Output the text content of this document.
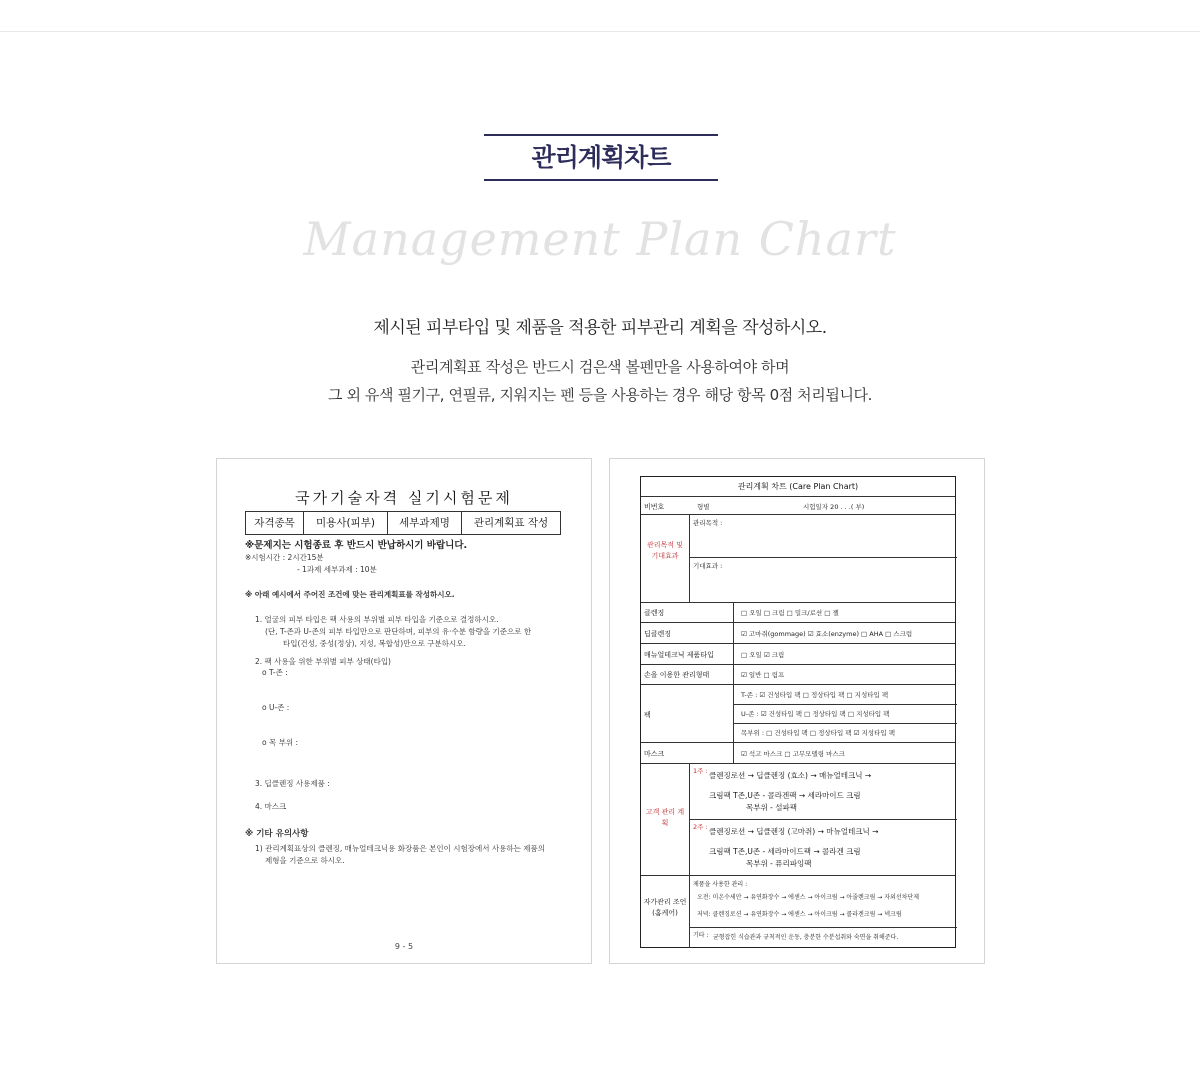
관리계획차트
Management Plan Chart
제시된 피부타입 및 제품을 적용한 피부관리 계획을 작성하시오.
관리계획표 작성은 반드시 검은색 볼펜만을 사용하여야 하며
그 외 유색 필기구, 연필류, 지워지는 펜 등을 사용하는 경우 해당 항목 0점 처리됩니다.
국가기술자격 실기시험문제
자격종목	미용사(피부)	세부과제명	관리계획표 작성
※문제지는 시험종료 후 반드시 반납하시기 바랍니다.
※시험시간 : 2시간15분
- 1과제 세부과제 : 10분
※ 아래 예시에서 주어진 조건에 맞는 관리계획표를 작성하시오.
1. 얼굴의 피부 타입은 팩 사용의 부위별 피부 타입을 기준으로 결정하시오.
(단, T-존과 U-존의 피부 타입만으로 판단하며, 피부의 유·수분 함량을 기준으로 한
타입(건성, 중성(정상), 지성, 복합성)만으로 구분하시오.
2. 팩 사용을 위한 부위별 피부 상태(타입)
o T-존 :
o U-존 :
o 목 부위 :
3. 딥클렌징 사용제품 :
4. 마스크
※ 기타 유의사항
1) 관리계획표상의 클렌징, 매뉴얼테크닉용 화장품은 본인이 시험장에서 사용하는 제품의
제형을 기준으로 하시오.
9 - 5
관리계획 차트 (Care Plan Chart)
비번호	형별	시험일자 20 . . .( 부)
관리목적 및 기대효과
관리목적 :
기대효과 :
클렌징	□ 오일 □ 크림 □ 밀크/로션 □ 젤
딥클렌징	☑ 고마쥐(gommage) ☑ 효소(enzyme) □ AHA □ 스크럽
매뉴얼테크닉 제품타입	□ 오일 ☑ 크림
손을 이용한 관리형태	☑ 일반 □ 림프
팩
T-존 : ☑ 건성타입 팩 □ 정상타입 팩 □ 지성타입 팩
U-존 : ☑ 건성타입 팩 □ 정상타입 팩 □ 지성타입 팩
목부위 : □ 건성타입 팩 □ 정상타입 팩 ☑ 지성타입 팩
마스크	☑ 석고 마스크 □ 고무모델링 마스크
고객 관리 계획
1주 : 클렌징로션 → 딥클렌징 (효소) → 매뉴얼테크닉 →
크림팩 T존,U존 - 콜라겐팩 → 세라마이드 크림
목부위 - 설파팩
2주 : 클렌징로션 → 딥클렌징 (고마쥐) → 마뉴얼테크닉 →
크림팩 T존,U존 - 세라마이드팩 → 콜라겐 크림
목부위 - 퓨리파잉팩
자가관리 조언 (홈케어)
제품을 사용한 관리 :
오전: 미온수세안 → 유연화장수 → 에센스 → 아이크림 → 아줄렌크림 → 자외선차단제
저녁: 클렌징로션 → 유연화장수 → 에센스 → 아이크림 → 콜라겐크림 → 넥크림
기타 : 균형잡힌 식습관과 규칙적인 운동, 충분한 수분섭취와 숙면을 취해준다.
